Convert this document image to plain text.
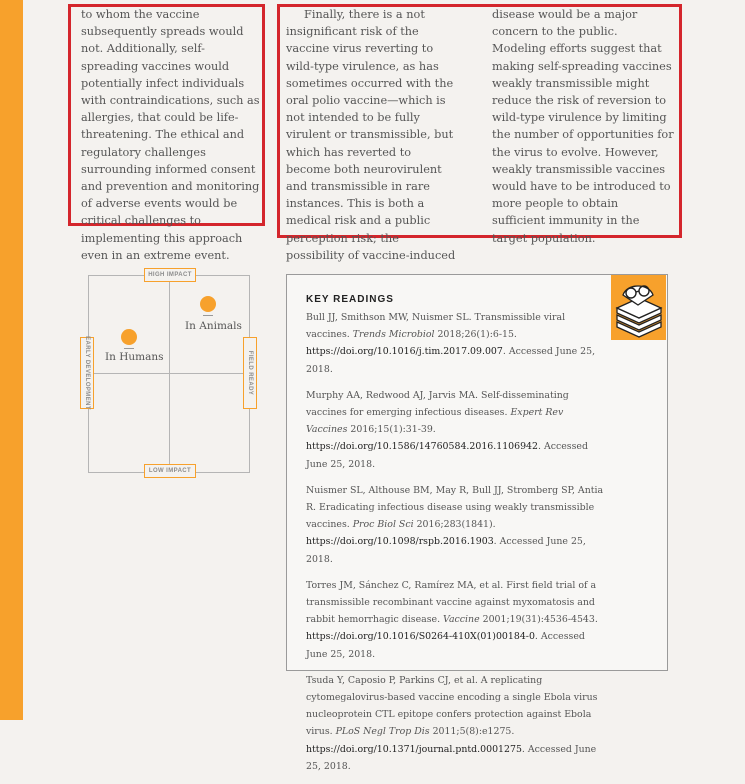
to whom the vaccine subsequently spreads would not. Additionally, self-spreading vaccines would potentially infect individuals with contraindications, such as allergies, that could be life-threatening. The ethical and regulatory challenges surrounding informed consent and prevention and monitoring of adverse events would be critical challenges to implementing this approach even in an extreme event.

Finally, there is a not insignificant risk of the vaccine virus reverting to wild-type virulence, as has sometimes occurred with the oral polio vaccine—which is not intended to be fully virulent or transmissible, but which has reverted to become both neurovirulent and transmissible in rare instances. This is both a medical risk and a public perception risk; the possibility of vaccine-induced

disease would be a major concern to the public. Modeling efforts suggest that making self-spreading vaccines weakly transmissible might reduce the risk of reversion to wild-type virulence by limiting the number of opportunities for the virus to evolve. However, weakly transmissible vaccines would have to be introduced to more people to obtain sufficient immunity in the target population.

HIGH IMPACT
LOW IMPACT
EARLY DEVELOPMENT	FIELD READY
In Animals
In Humans
KEY READINGS

Bull JJ, Smithson MW, Nuismer SL. Transmissible viral vaccines. Trends Microbiol 2018;26(1):6-15. https://doi.org/10.1016/j.tim.2017.09.007. Accessed June 25, 2018.

Murphy AA, Redwood AJ, Jarvis MA. Self-disseminating vaccines for emerging infectious diseases. Expert Rev Vaccines 2016;15(1):31-39. https://doi.org/10.1586/14760584.2016.1106942. Accessed June 25, 2018.

Nuismer SL, Althouse BM, May R, Bull JJ, Stromberg SP, Antia R. Eradicating infectious disease using weakly transmissible vaccines. Proc Biol Sci 2016;283(1841). https://doi.org/10.1098/rspb.2016.1903. Accessed June 25, 2018.

Torres JM, Sánchez C, Ramírez MA, et al. First field trial of a transmissible recombinant vaccine against myxomatosis and rabbit hemorrhagic disease. Vaccine 2001;19(31):4536-4543. https://doi.org/10.1016/S0264-410X(01)00184-0. Accessed June 25, 2018.

Tsuda Y, Caposio P, Parkins CJ, et al. A replicating cytomegalovirus-based vaccine encoding a single Ebola virus nucleoprotein CTL epitope confers protection against Ebola virus. PLoS Negl Trop Dis 2011;5(8):e1275. https://doi.org/10.1371/journal.pntd.0001275. Accessed June 25, 2018.
